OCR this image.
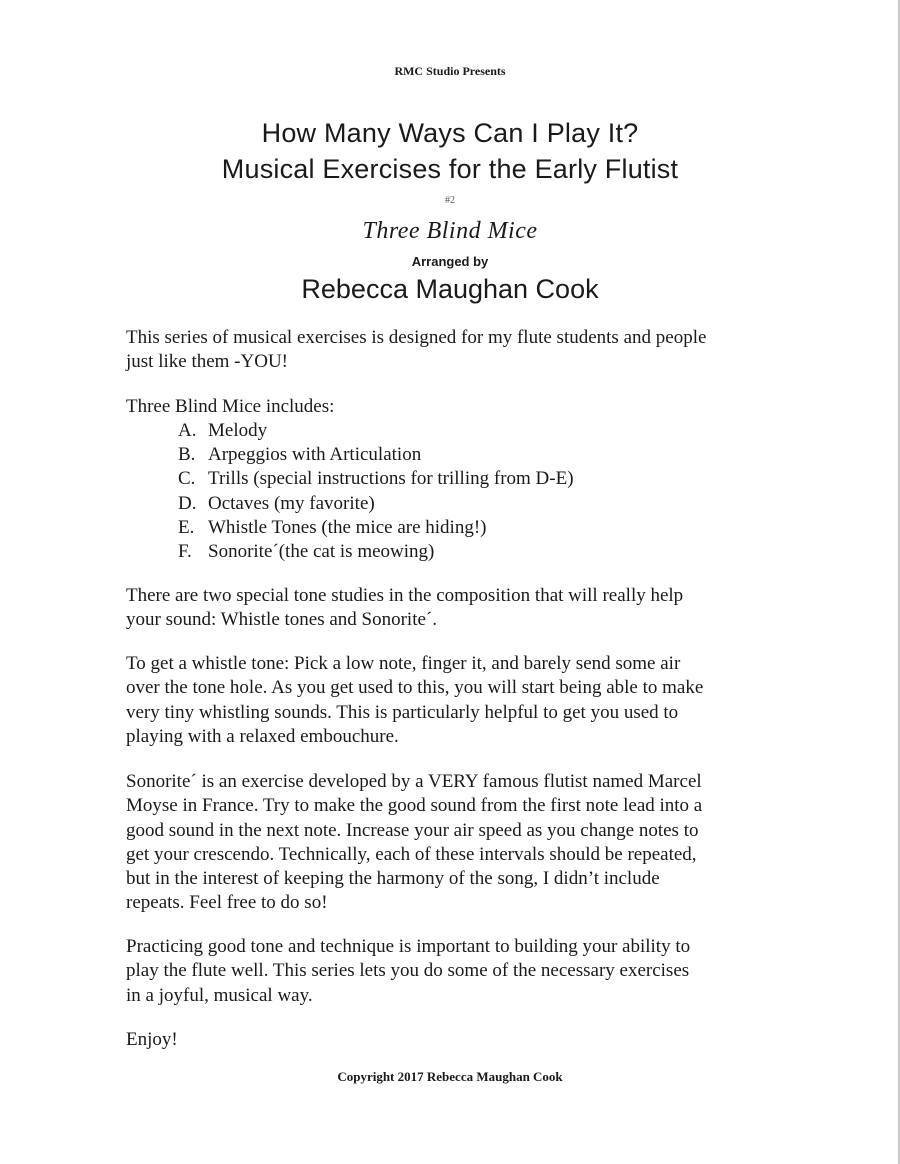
RMC Studio Presents
How Many Ways Can I Play It?
Musical Exercises for the Early Flutist
#2
Three Blind Mice
Arranged by
Rebecca Maughan Cook
This series of musical exercises is designed for my flute students and people
just like them -YOU!
Three Blind Mice includes:
A. Melody
B. Arpeggios with Articulation
C. Trills (special instructions for trilling from D-E)
D. Octaves (my favorite)
E. Whistle Tones (the mice are hiding!)
F. Sonorite´(the cat is meowing)
There are two special tone studies in the composition that will really help
your sound: Whistle tones and Sonorite´.
To get a whistle tone: Pick a low note, finger it, and barely send some air
over the tone hole. As you get used to this, you will start being able to make
very tiny whistling sounds. This is particularly helpful to get you used to
playing with a relaxed embouchure.
Sonorite´ is an exercise developed by a VERY famous flutist named Marcel
Moyse in France. Try to make the good sound from the first note lead into a
good sound in the next note. Increase your air speed as you change notes to
get your crescendo. Technically, each of these intervals should be repeated,
but in the interest of keeping the harmony of the song, I didn’t include
repeats. Feel free to do so!
Practicing good tone and technique is important to building your ability to
play the flute well. This series lets you do some of the necessary exercises
in a joyful, musical way.
Enjoy!
Copyright 2017 Rebecca Maughan Cook
